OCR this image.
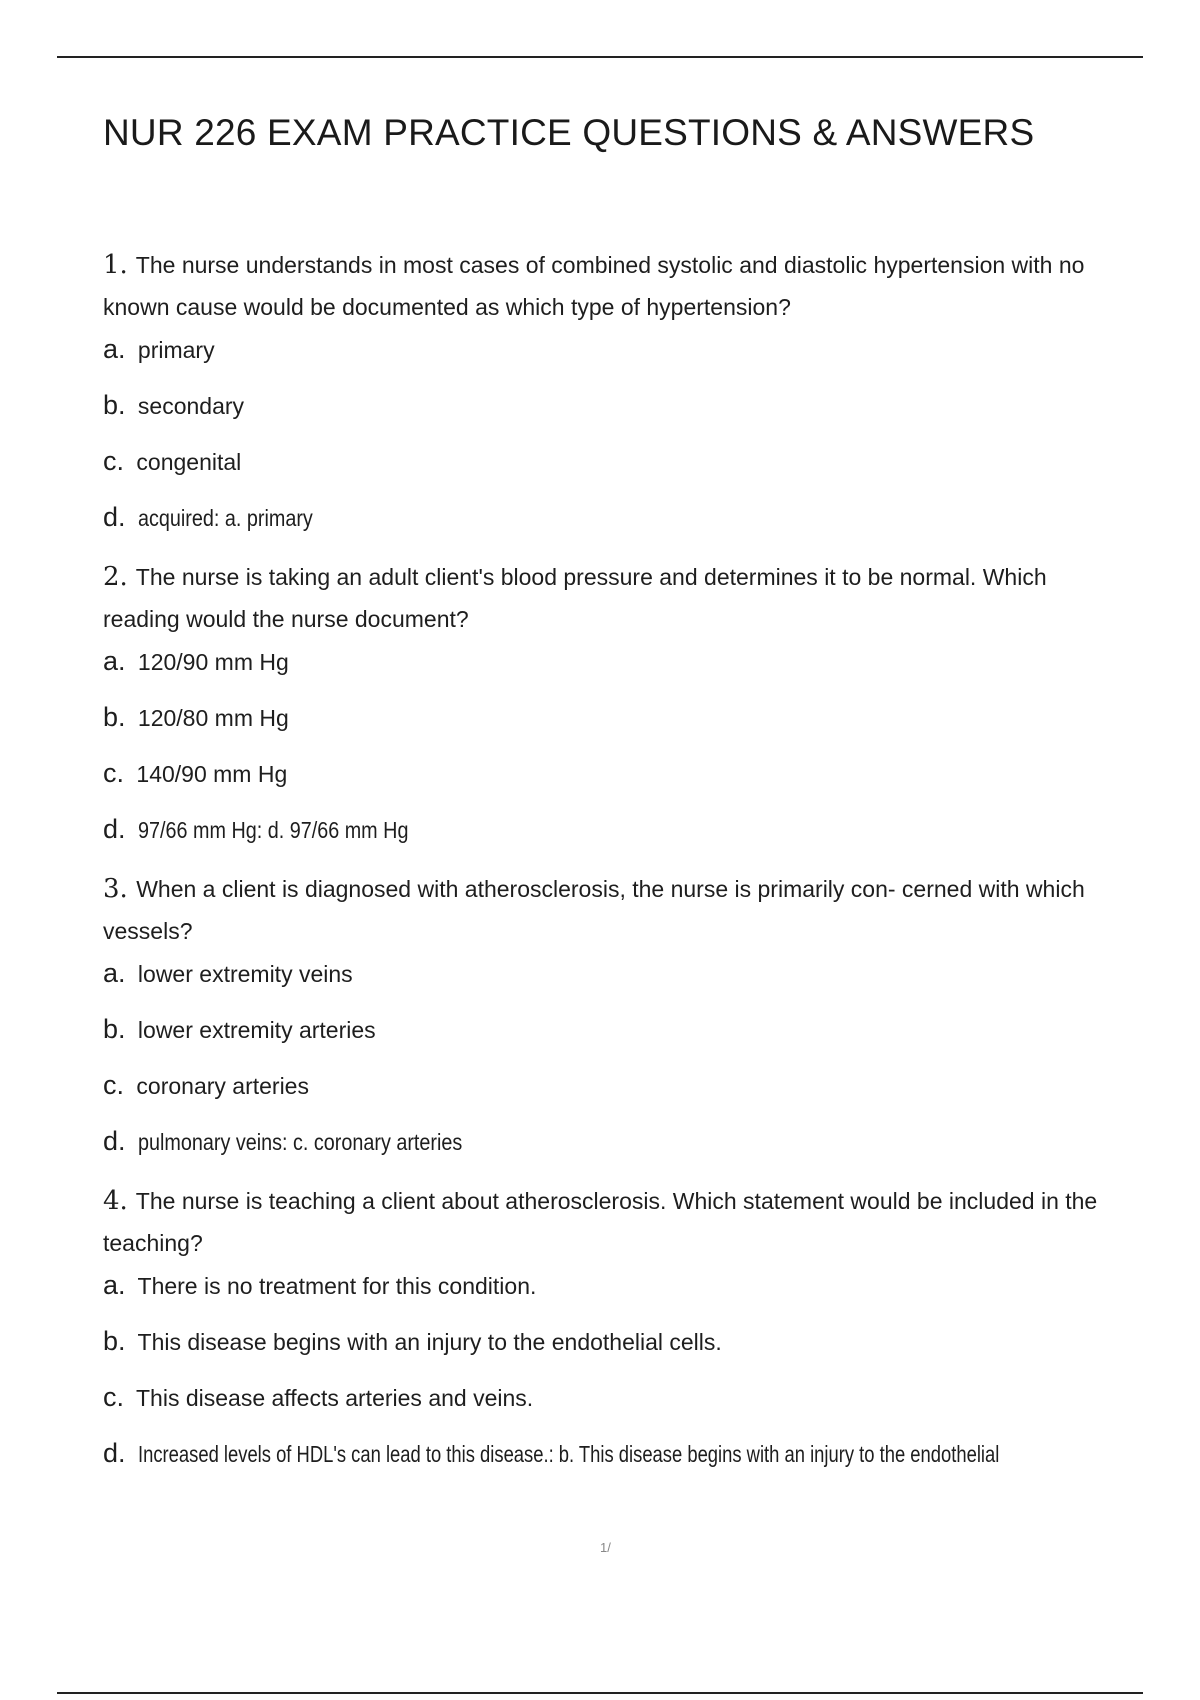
NUR 226 EXAM PRACTICE QUESTIONS & ANSWERS

1. The nurse understands in most cases of combined systolic and diastolic hypertension with no known cause would be documented as which type of hypertension?

a. primary
b. secondary
c. congenital
d. acquired: a. primary

2. The nurse is taking an adult client's blood pressure and determines it to be normal. Which reading would the nurse document?

a. 120/90 mm Hg
b. 120/80 mm Hg
c. 140/90 mm Hg
d. 97/66 mm Hg: d. 97/66 mm Hg

3. When a client is diagnosed with atherosclerosis, the nurse is primarily con- cerned with which vessels?

a. lower extremity veins
b. lower extremity arteries
c. coronary arteries
d. pulmonary veins: c. coronary arteries

4. The nurse is teaching a client about atherosclerosis. Which statement would be included in the teaching?

a. There is no treatment for this condition.
b. This disease begins with an injury to the endothelial cells.
c. This disease affects arteries and veins.
d. Increased levels of HDL's can lead to this disease.: b. This disease begins with an injury to the endothelial
1/
